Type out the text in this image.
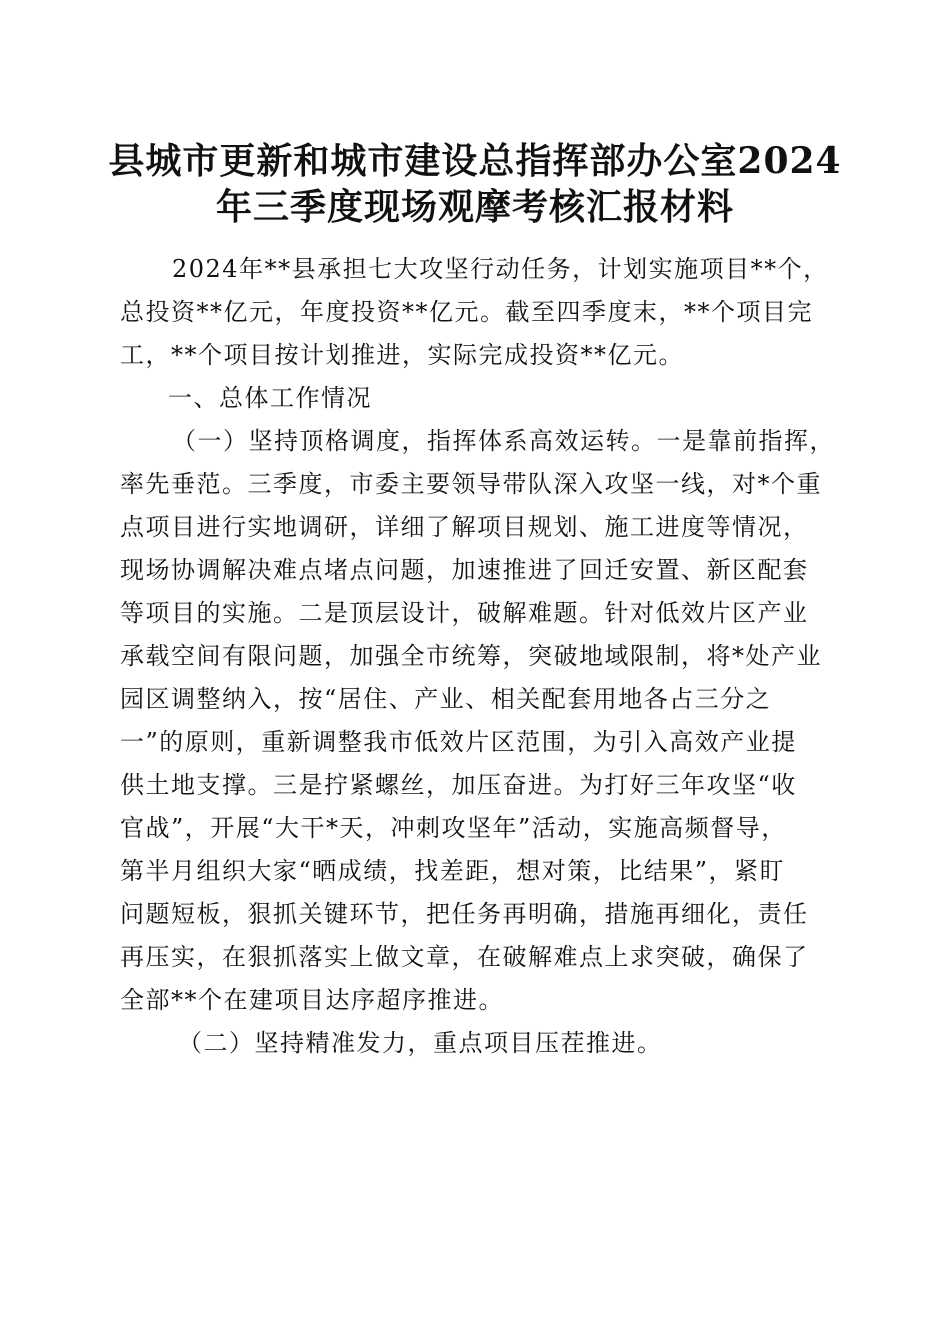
县城市更新和城市建设总指挥部办公室2024
年三季度现场观摩考核汇报材料
2024年**县承担七大攻坚行动任务，计划实施项目**个，
总投资**亿元，年度投资**亿元。截至四季度末，**个项目完
工，**个项目按计划推进，实际完成投资**亿元。
一、总体工作情况
（一）坚持顶格调度，指挥体系高效运转。一是靠前指挥，
率先垂范。三季度，市委主要领导带队深入攻坚一线，对*个重
点项目进行实地调研，详细了解项目规划、施工进度等情况，
现场协调解决难点堵点问题，加速推进了回迁安置、新区配套
等项目的实施。二是顶层设计，破解难题。针对低效片区产业
承载空间有限问题，加强全市统筹，突破地域限制，将*处产业
园区调整纳入，按“居住、产业、相关配套用地各占三分之
一”的原则，重新调整我市低效片区范围，为引入高效产业提
供土地支撑。三是拧紧螺丝，加压奋进。为打好三年攻坚“收
官战”，开展“大干*天，冲刺攻坚年”活动，实施高频督导，
第半月组织大家“晒成绩，找差距，想对策，比结果”，紧盯
问题短板，狠抓关键环节，把任务再明确，措施再细化，责任
再压实，在狠抓落实上做文章，在破解难点上求突破，确保了
全部**个在建项目达序超序推进。
（二）坚持精准发力，重点项目压茬推进。
